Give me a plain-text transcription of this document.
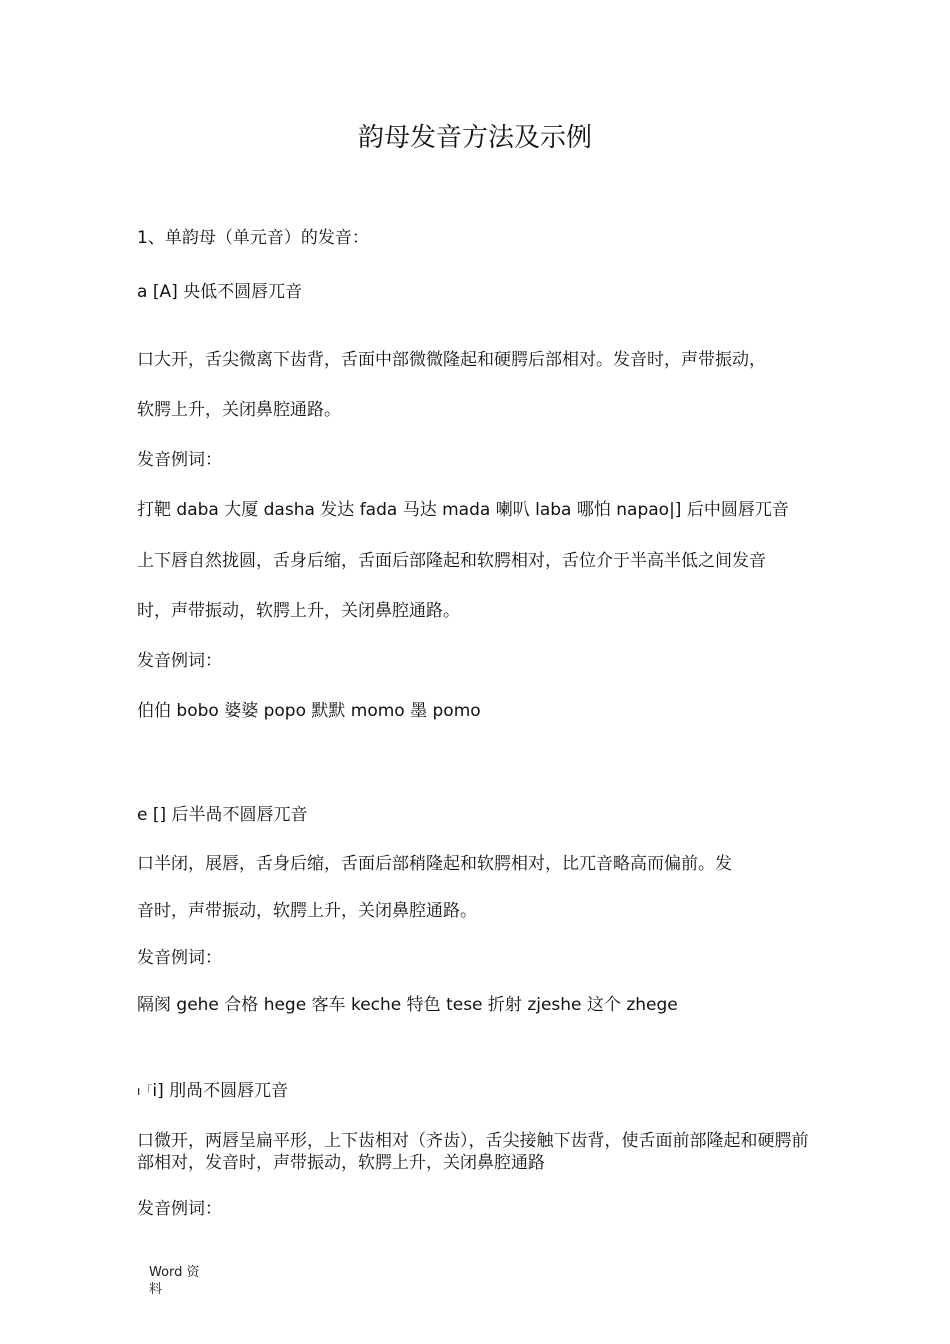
韵母发音方法及示例
1、单韵母（单元音）的发音：
a [A] 央低不圆唇兀音
口大开，舌尖微离下齿背，舌面中部微微隆起和硬腭后部相对。发音时，声带振动，
软腭上升，关闭鼻腔通路。
发音例词：
打靶 daba 大厦 dasha 发达 fada 马达 mada 喇叭 laba 哪怕 napao|] 后中圆唇兀音
上下唇自然拢圆，舌身后缩，舌面后部隆起和软腭相对，舌位介于半高半低之间发音
时，声带振动，软腭上升，关闭鼻腔通路。
发音例词：
伯伯 bobo 婆婆 popo 默默 momo 墨 pomo
e [] 后半咼不圆唇兀音
口半闭，展唇，舌身后缩，舌面后部稍隆起和软腭相对，比兀音略高而偏前。发
音时，声带振动，软腭上升，关闭鼻腔通路。
发音例词：
隔阂 gehe 合格 hege 客车 keche 特色 tese 折射 zjeshe 这个 zhege
$^{ı「}$i] 刖咼不圆唇兀音
口微开，两唇呈扁平形，上下齿相对（齐齿），舌尖接触下齿背，使舌面前部隆起和硬腭前部相对，发音时，声带振动，软腭上升，关闭鼻腔通路
发音例词：
Word 资料
